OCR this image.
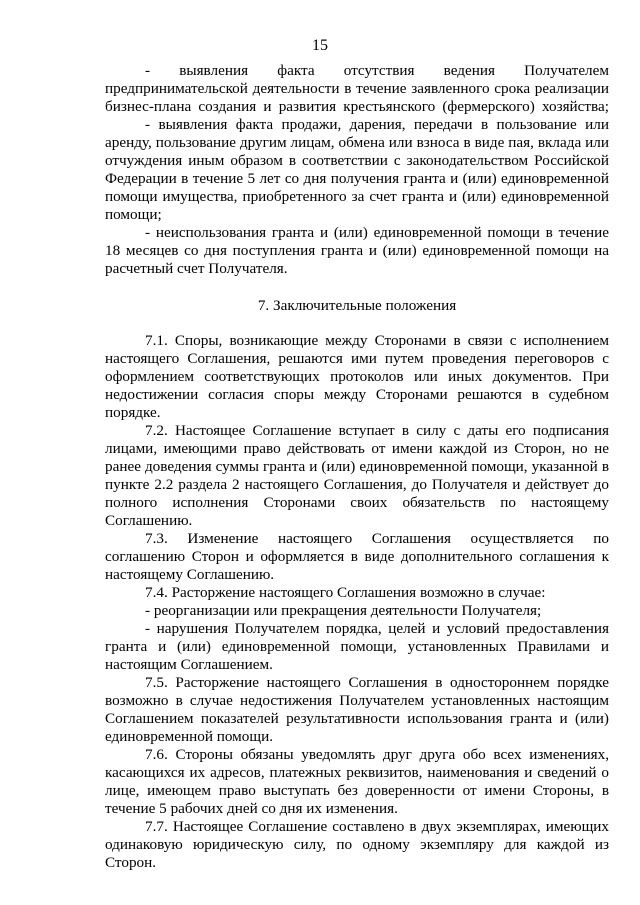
15

- выявления факта отсутствия ведения Получателем предпринимательской деятельности в течение заявленного срока реализации бизнес-плана создания и развития крестьянского (фермерского) хозяйства;

- выявления факта продажи, дарения, передачи в пользование или аренду, пользование другим лицам, обмена или взноса в виде пая, вклада или отчуждения иным образом в соответствии с законодательством Российской Федерации в течение 5 лет со дня получения гранта и (или) единовременной помощи имущества, приобретенного за счет гранта и (или) единовременной помощи;

- неиспользования гранта и (или) единовременной помощи в течение 18 месяцев со дня поступления гранта и (или) единовременной помощи на расчетный счет Получателя.

7. Заключительные положения

7.1. Споры, возникающие между Сторонами в связи с исполнением настоящего Соглашения, решаются ими путем проведения переговоров с оформлением соответствующих протоколов или иных документов. При недостижении согласия споры между Сторонами решаются в судебном порядке.

7.2. Настоящее Соглашение вступает в силу с даты его подписания лицами, имеющими право действовать от имени каждой из Сторон, но не ранее доведения суммы гранта и (или) единовременной помощи, указанной в пункте 2.2 раздела 2 настоящего Соглашения, до Получателя и действует до полного исполнения Сторонами своих обязательств по настоящему Соглашению.

7.3. Изменение настоящего Соглашения осуществляется по соглашению Сторон и оформляется в виде дополнительного соглашения к настоящему Соглашению.

7.4. Расторжение настоящего Соглашения возможно в случае:

- реорганизации или прекращения деятельности Получателя;

- нарушения Получателем порядка, целей и условий предоставления гранта и (или) единовременной помощи, установленных Правилами и настоящим Соглашением.

7.5. Расторжение настоящего Соглашения в одностороннем порядке возможно в случае недостижения Получателем установленных настоящим Соглашением показателей результативности использования гранта и (или) единовременной помощи.

7.6. Стороны обязаны уведомлять друг друга обо всех изменениях, касающихся их адресов, платежных реквизитов, наименования и сведений о лице, имеющем право выступать без доверенности от имени Стороны, в течение 5 рабочих дней со дня их изменения.

7.7. Настоящее Соглашение составлено в двух экземплярах, имеющих одинаковую юридическую силу, по одному экземпляру для каждой из Сторон.
